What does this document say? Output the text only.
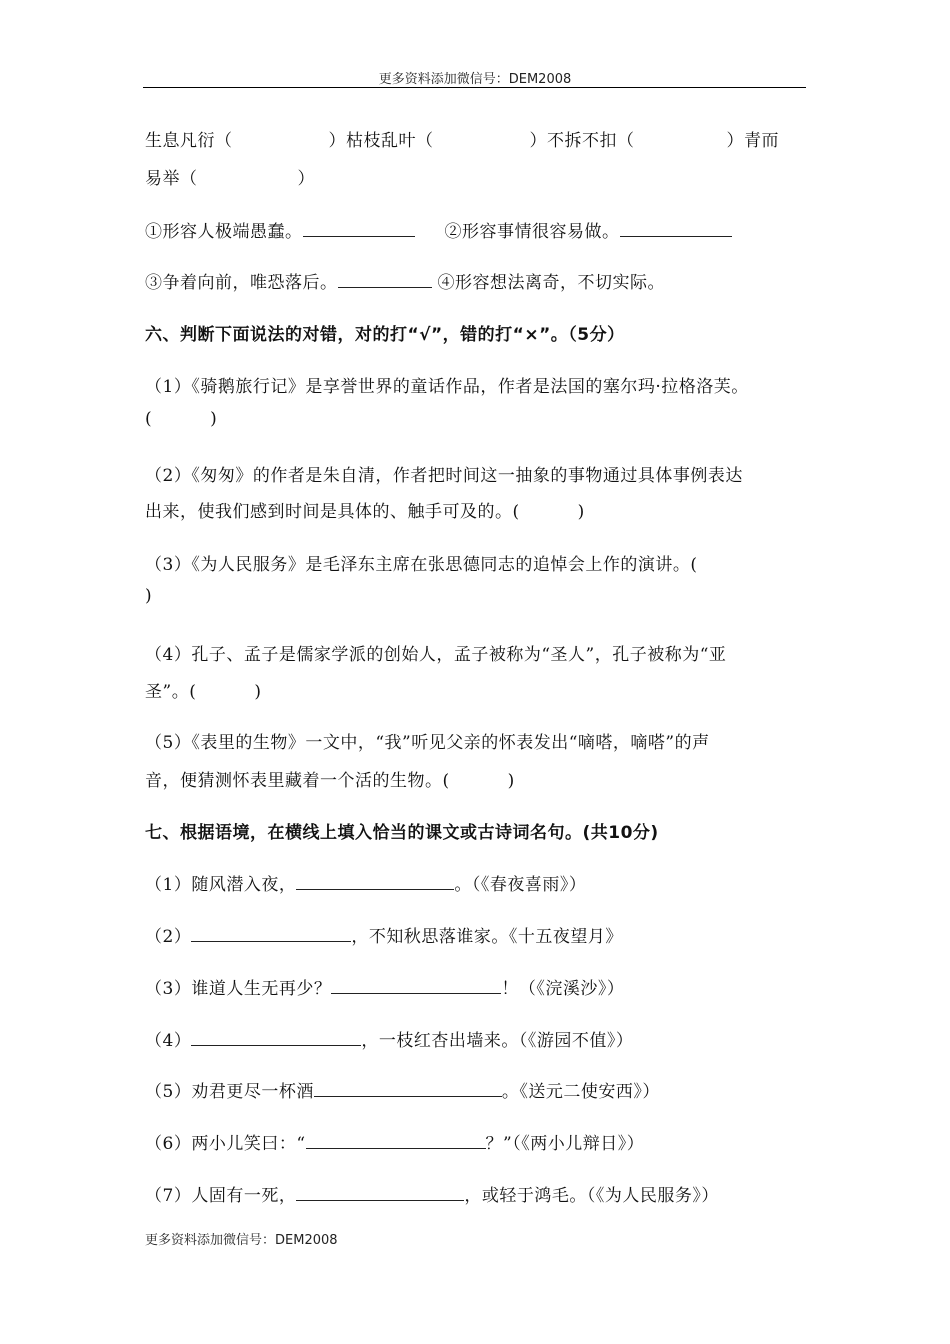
更多资料添加微信号：DEM2008
生息凡衍（	）枯枝乱叶（	）不拆不扣（	）青而
易举（	）
①形容人极端愚蠢。	②形容事情很容易做。
③争着向前，唯恐落后。	④形容想法离奇，不切实际。
六、判断下面说法的对错，对的打“√”，错的打“×”。（5分）
（1）《骑鹅旅行记》是享誉世界的童话作品，作者是法国的塞尔玛·拉格洛芙。
(	)
（2）《匆匆》的作者是朱自清，作者把时间这一抽象的事物通过具体事例表达
出来，使我们感到时间是具体的、触手可及的。(	)
（3）《为人民服务》是毛泽东主席在张思德同志的追悼会上作的演讲。(
)
（4）孔子、孟子是儒家学派的创始人，孟子被称为“圣人”，孔子被称为“亚
圣”。(	)
（5）《表里的生物》一文中，“我”听见父亲的怀表发出“嘀嗒，嘀嗒”的声
音，便猜测怀表里藏着一个活的生物。(	)
七、根据语境，在横线上填入恰当的课文或古诗词名句。(共10分)
（1）随风潜入夜，	。（《春夜喜雨》）
（2）	，不知秋思落谁家。《十五夜望月》
（3）谁道人生无再少？	！（《浣溪沙》）
（4）	，一枝红杏出墙来。（《游园不值》）
（5）劝君更尽一杯酒	。《送元二使安西》）
（6）两小儿笑曰：“	？”（《两小儿辩日》）
（7）人固有一死，	，或轻于鸿毛。（《为人民服务》）
更多资料添加微信号：DEM2008
